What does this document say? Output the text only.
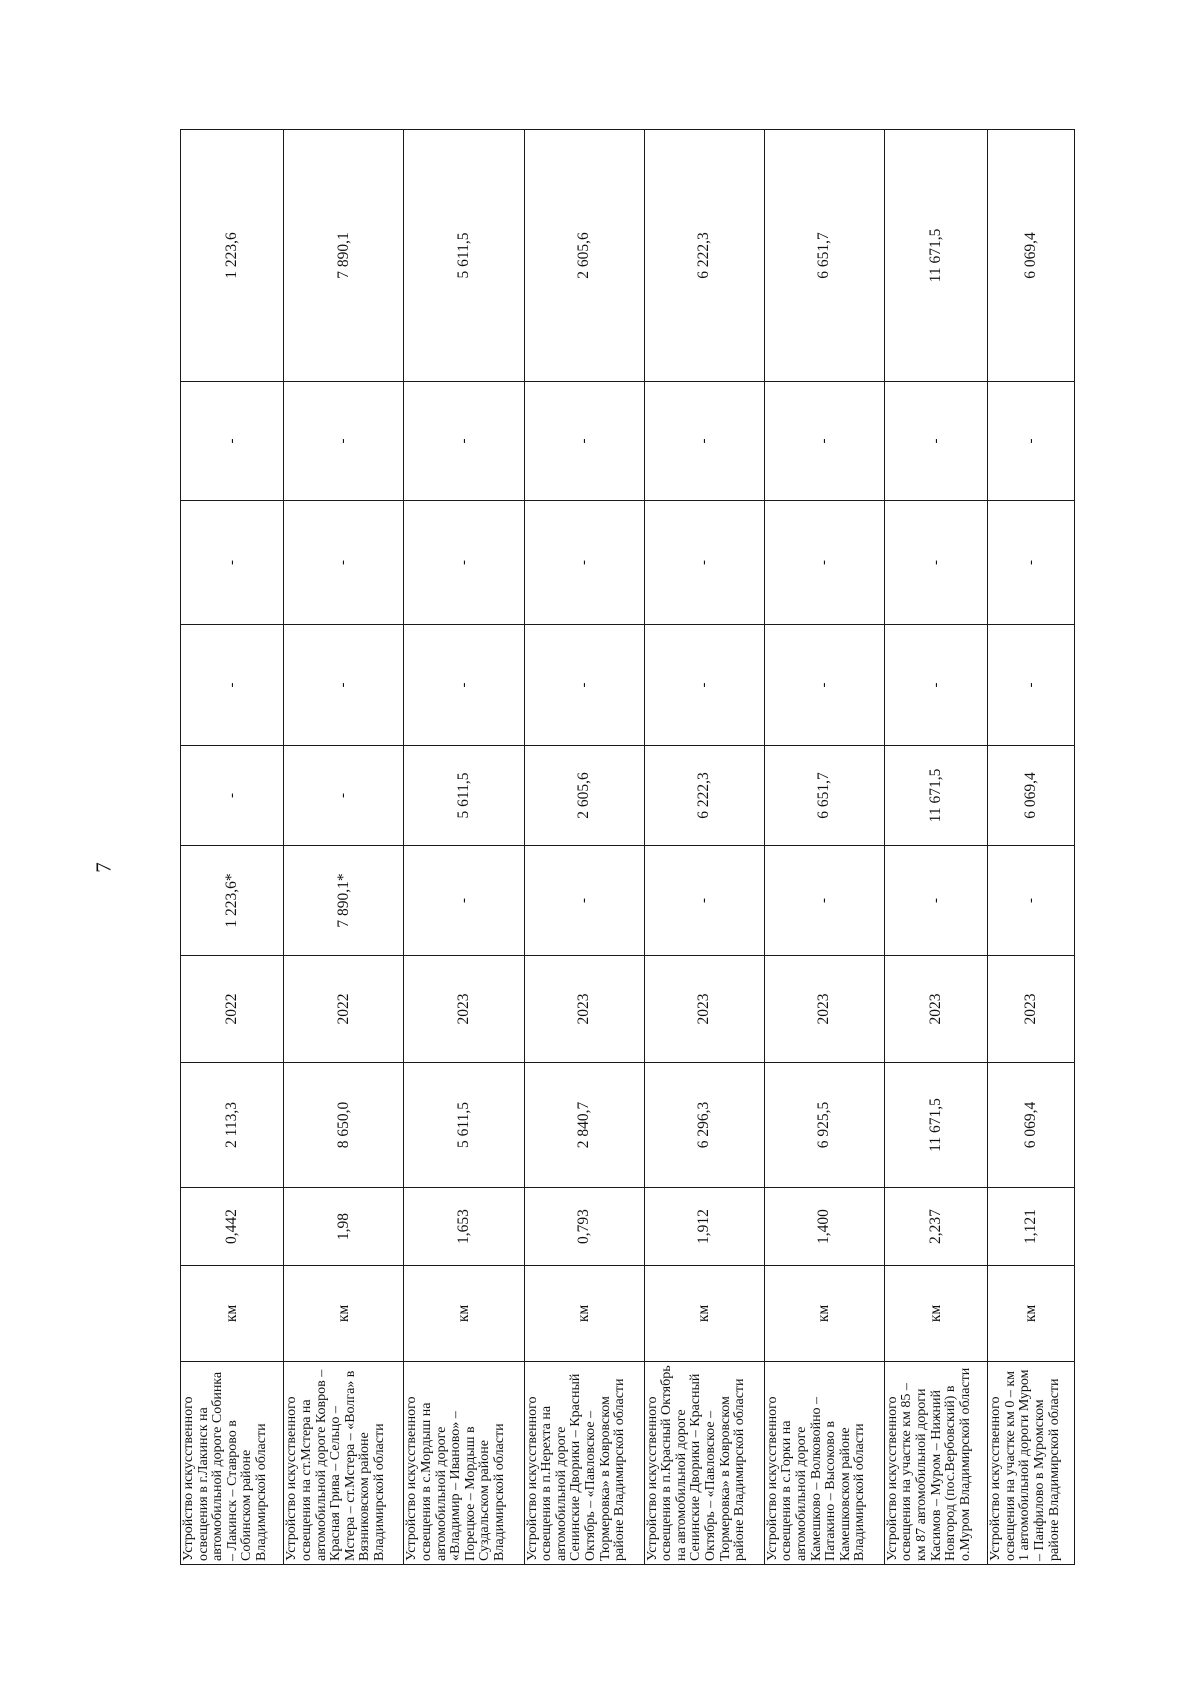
7
Устройство искусственного освещения в г.Лакинск на автомобильной дороге Собинка – Лакинск – Ставрово в Собинском районе Владимирской области	км	0,442	2 113,3	2022	1 223,6*	-	-	-	-	1 223,6
Устройство искусственного освещения на ст.Мстера на автомобильной дороге Ковров – Красная Грива – Сельцо – Мстера – ст.Мстера – «Волга» в Вязниковском районе Владимирской области	км	1,98	8 650,0	2022	7 890,1*	-	-	-	-	7 890,1
Устройство искусственного освещения в с.Мордыш на автомобильной дороге «Владимир – Иваново» – Порецкое – Мордыш в Суздальском районе Владимирской области	км	1,653	5 611,5	2023	-	5 611,5	-	-	-	5 611,5
Устройство искусственного освещения в п.Нерехта на автомобильной дороге Сенинские Дворики – Красный Октябрь – «Павловское – Тюрмеровка» в Ковровском районе Владимирской области	км	0,793	2 840,7	2023	-	2 605,6	-	-	-	2 605,6
Устройство искусственного освещения в п.Красный Октябрь на автомобильной дороге Сенинские Дворики – Красный Октябрь – «Павловское – Тюрмеровка» в Ковровском районе Владимирской области	км	1,912	6 296,3	2023	-	6 222,3	-	-	-	6 222,3
Устройство искусственного освещения в с.Горки на автомобильной дороге Камешково – Волковойно – Патакино – Высоково в Камешковском районе Владимирской области	км	1,400	6 925,5	2023	-	6 651,7	-	-	-	6 651,7
Устройство искусственного освещения на участке км 85 – км 87 автомобильной дороги Касимов – Муром – Нижний Новгород (пос.Вербовский) в о.Муром Владимирской области	км	2,237	11 671,5	2023	-	11 671,5	-	-	-	11 671,5
Устройство искусственного освещения на участке км 0 – км 1 автомобильной дороги Муром – Панфилово в Муромском районе Владимирской области	км	1,121	6 069,4	2023	-	6 069,4	-	-	-	6 069,4
